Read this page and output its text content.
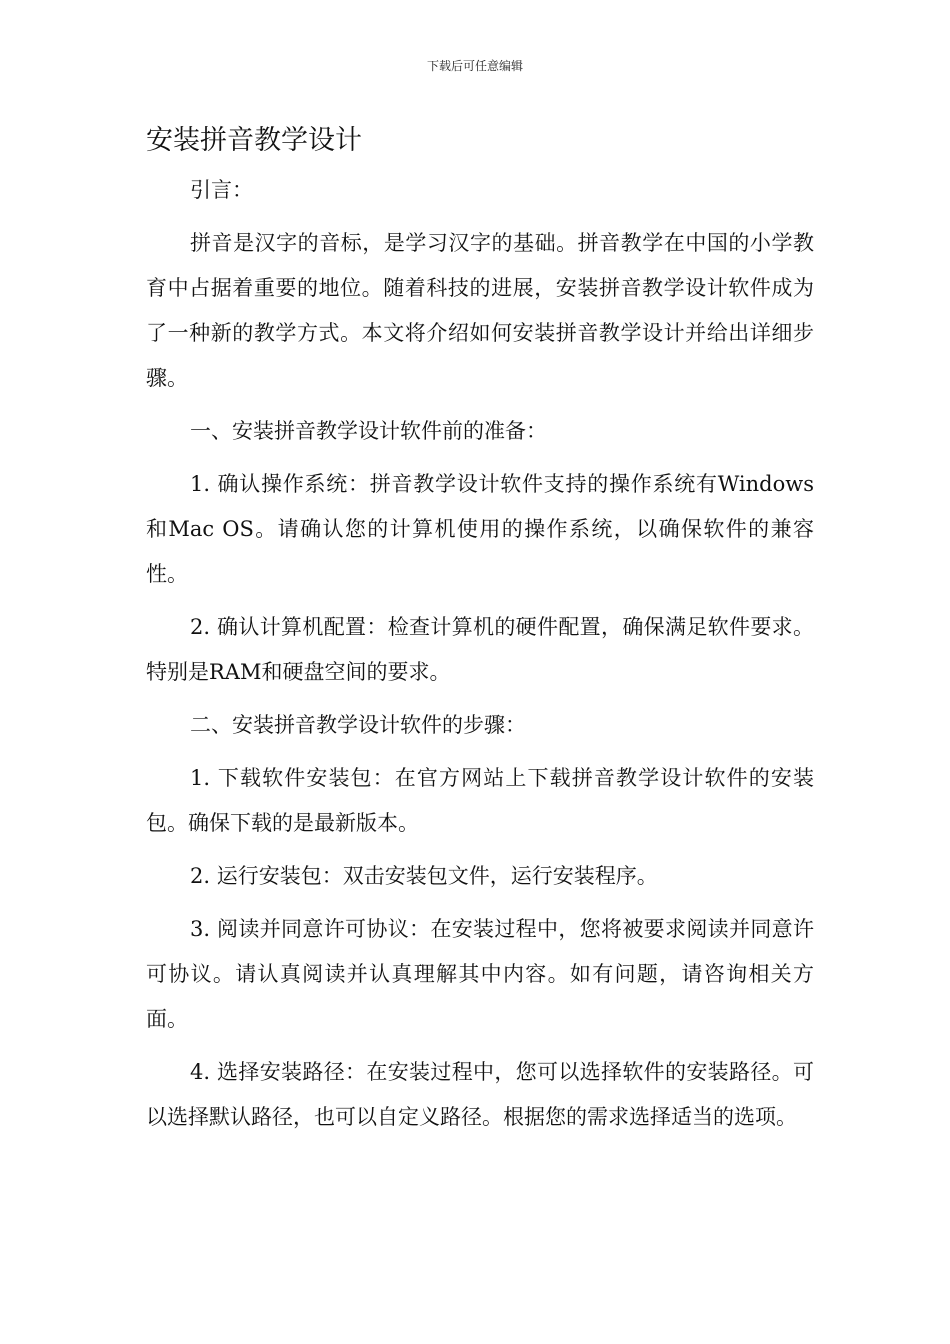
下载后可任意编辑
安装拼音教学设计

引言：

拼音是汉字的音标，是学习汉字的基础。拼音教学在中国的小学教育中占据着重要的地位。随着科技的进展，安装拼音教学设计软件成为了一种新的教学方式。本文将介绍如何安装拼音教学设计并给出详细步骤。

一、安装拼音教学设计软件前的准备：

1. 确认操作系统：拼音教学设计软件支持的操作系统有Windows和Mac OS。请确认您的计算机使用的操作系统，以确保软件的兼容性。

2. 确认计算机配置：检查计算机的硬件配置，确保满足软件要求。特别是RAM和硬盘空间的要求。

二、安装拼音教学设计软件的步骤：

1. 下载软件安装包：在官方网站上下载拼音教学设计软件的安装包。确保下载的是最新版本。

2. 运行安装包：双击安装包文件，运行安装程序。

3. 阅读并同意许可协议：在安装过程中，您将被要求阅读并同意许可协议。请认真阅读并认真理解其中内容。如有问题，请咨询相关方面。

4. 选择安装路径：在安装过程中，您可以选择软件的安装路径。可以选择默认路径，也可以自定义路径。根据您的需求选择适当的选项。
